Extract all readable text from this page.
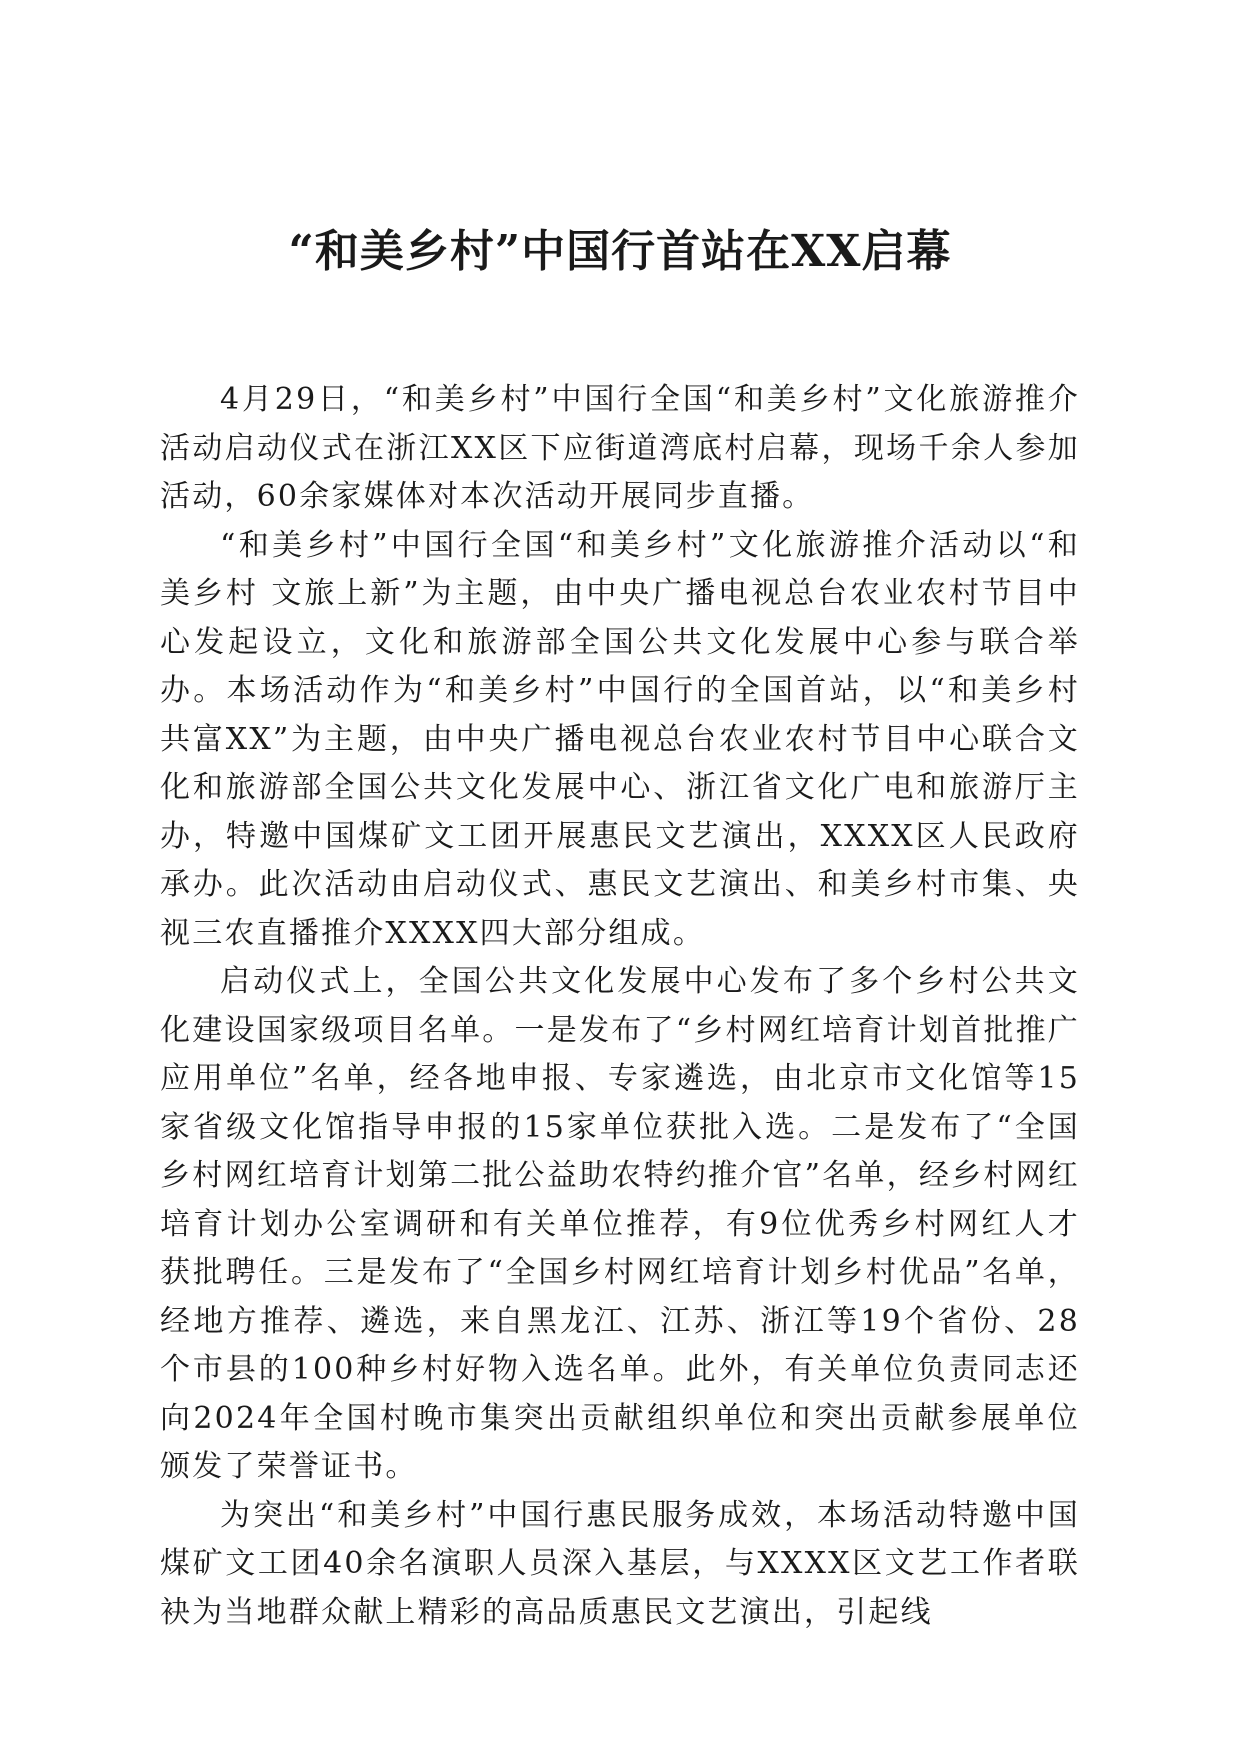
“和美乡村”中国行首站在XX启幕

4月29日，“和美乡村”中国行全国“和美乡村”文化旅游推介活动启动仪式在浙江XX区下应街道湾底村启幕，现场千余人参加活动，60余家媒体对本次活动开展同步直播。

“和美乡村”中国行全国“和美乡村”文化旅游推介活动以“和美乡村 文旅上新”为主题，由中央广播电视总台农业农村节目中心发起设立，文化和旅游部全国公共文化发展中心参与联合举办。本场活动作为“和美乡村”中国行的全国首站，以“和美乡村 共富XX”为主题，由中央广播电视总台农业农村节目中心联合文化和旅游部全国公共文化发展中心、浙江省文化广电和旅游厅主办，特邀中国煤矿文工团开展惠民文艺演出，XXXX区人民政府承办。此次活动由启动仪式、惠民文艺演出、和美乡村市集、央视三农直播推介XXXX四大部分组成。

启动仪式上，全国公共文化发展中心发布了多个乡村公共文化建设国家级项目名单。一是发布了“乡村网红培育计划首批推广应用单位”名单，经各地申报、专家遴选，由北京市文化馆等15家省级文化馆指导申报的15家单位获批入选。二是发布了“全国乡村网红培育计划第二批公益助农特约推介官”名单，经乡村网红培育计划办公室调研和有关单位推荐，有9位优秀乡村网红人才获批聘任。三是发布了“全国乡村网红培育计划乡村优品”名单，经地方推荐、遴选，来自黑龙江、江苏、浙江等19个省份、28个市县的100种乡村好物入选名单。此外，有关单位负责同志还向2024年全国村晚市集突出贡献组织单位和突出贡献参展单位颁发了荣誉证书。

为突出“和美乡村”中国行惠民服务成效，本场活动特邀中国煤矿文工团40余名演职人员深入基层，与XXXX区文艺工作者联袂为当地群众献上精彩的高品质惠民文艺演出，引起线
